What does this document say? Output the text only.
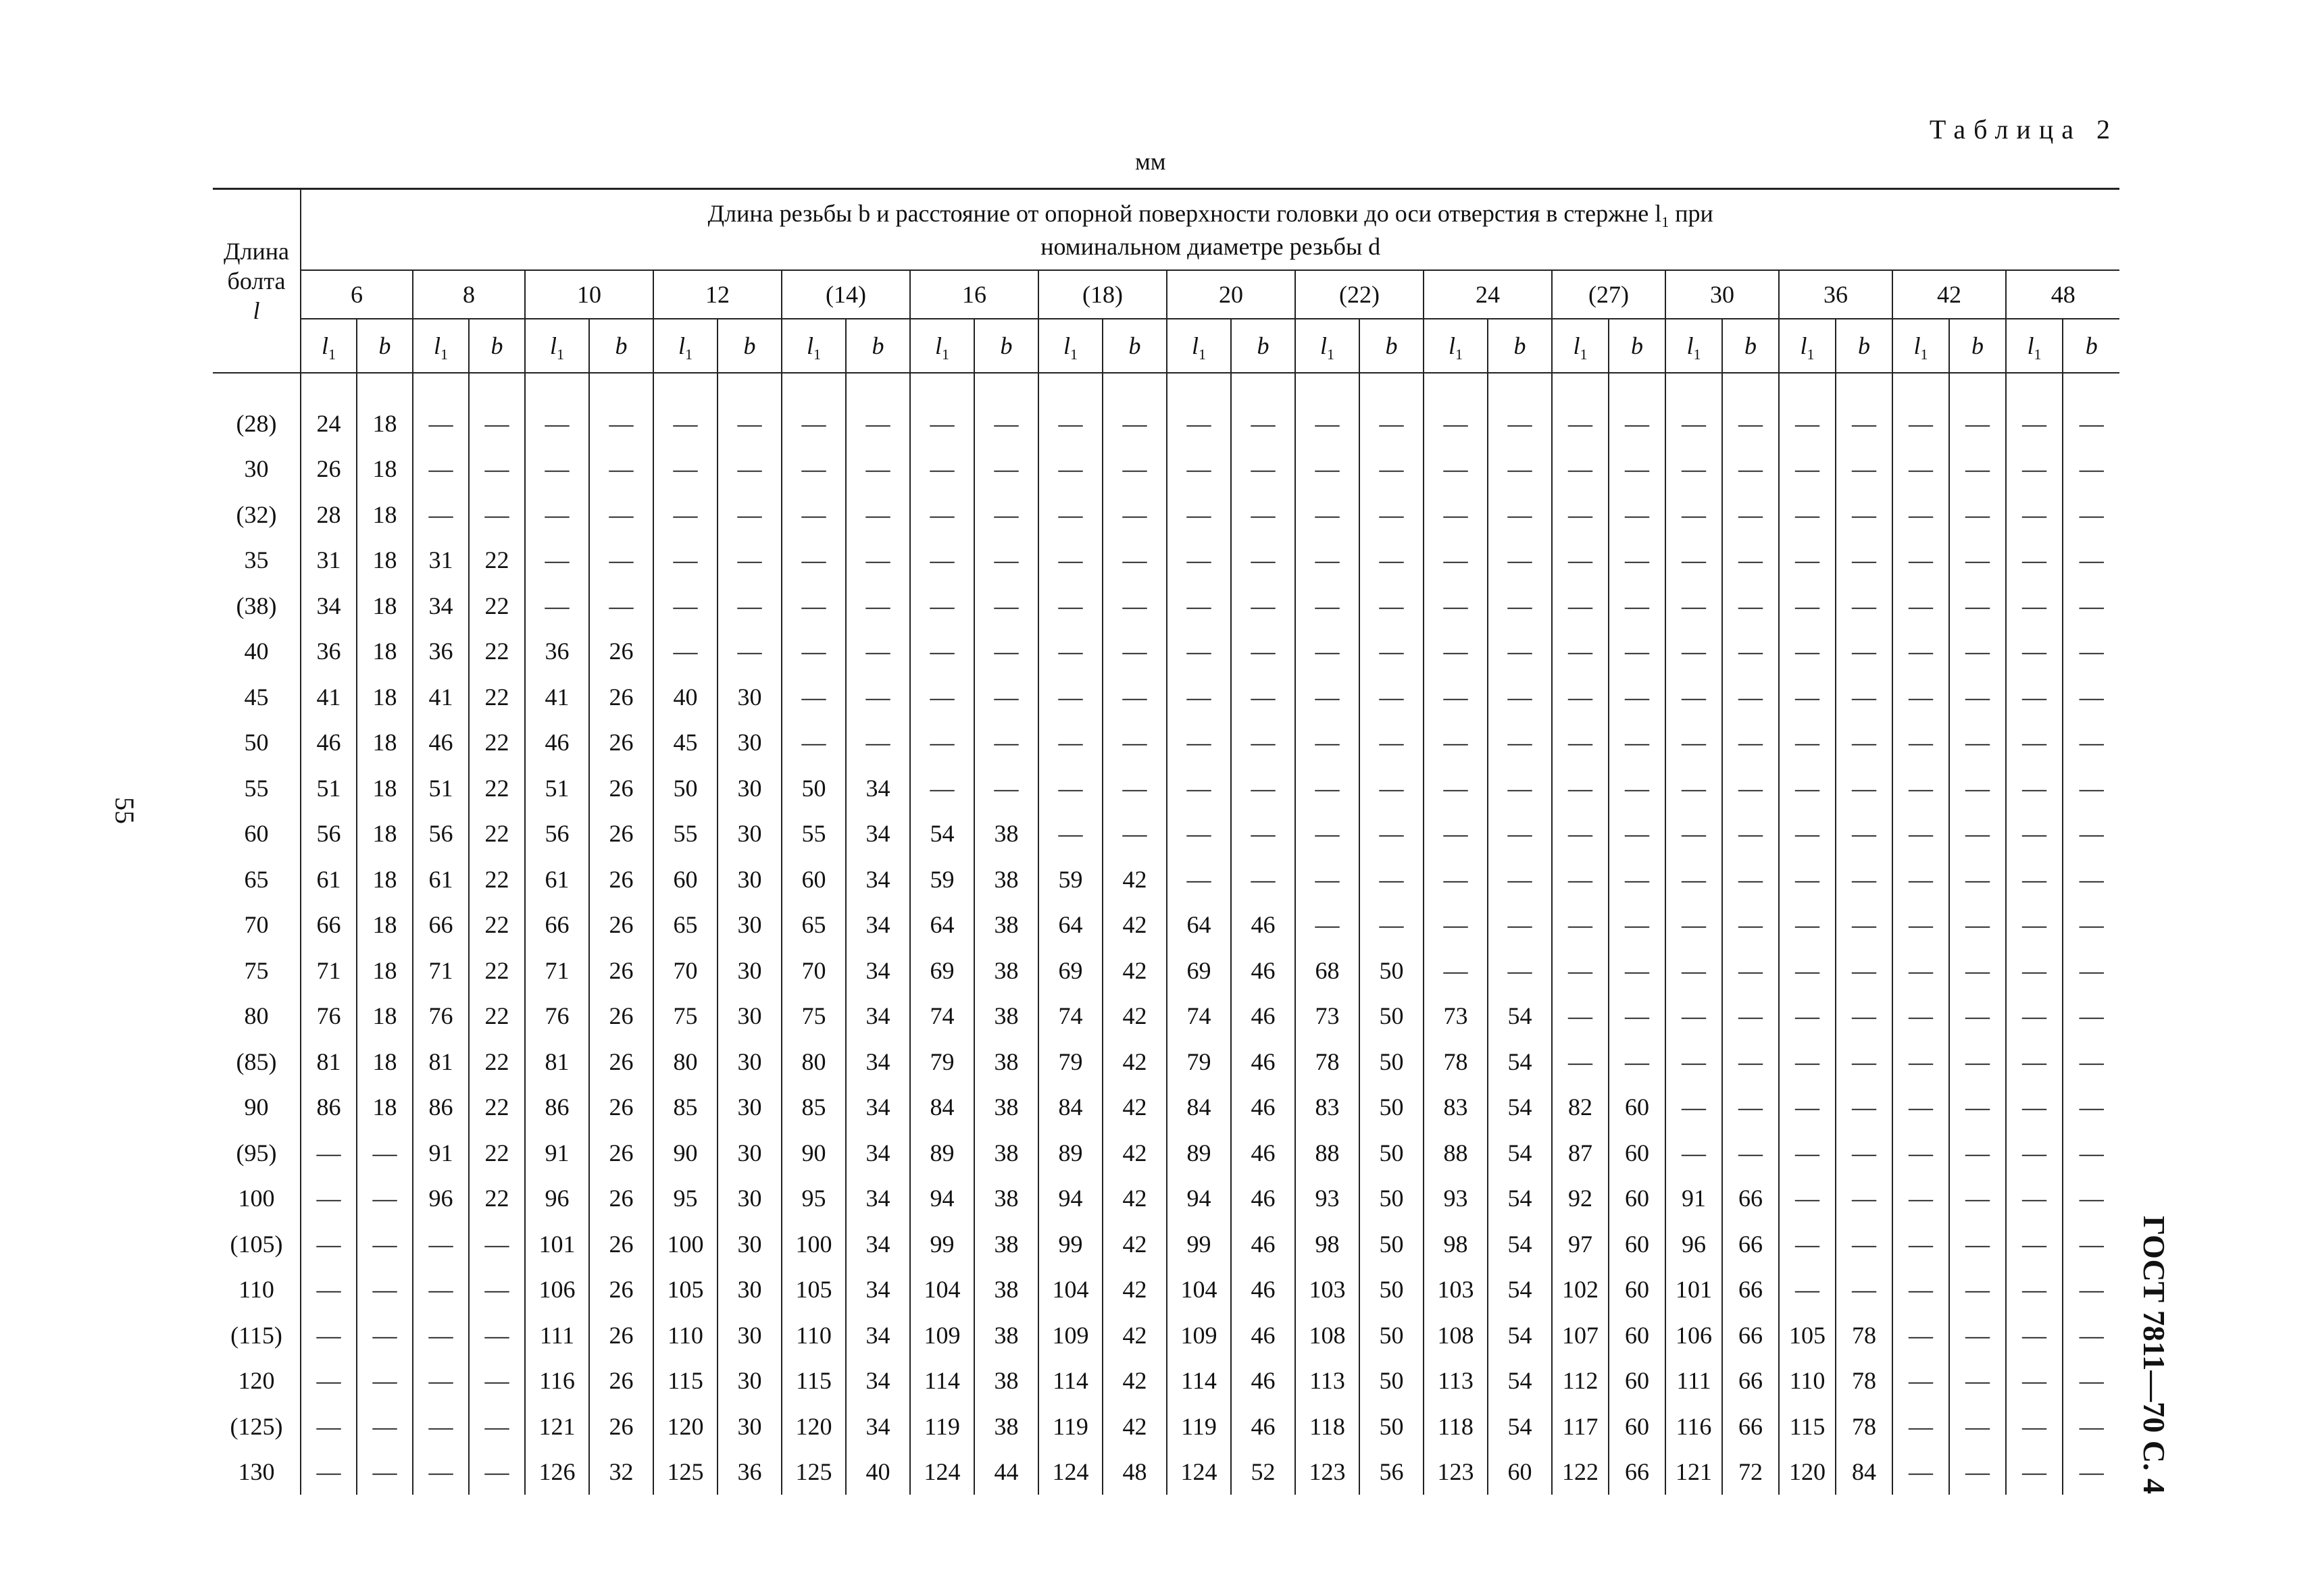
Таблица 2
мм
55
ГОСТ 7811—70 С. 4
Длина
болта
l	Длина резьбы b и расстояние от опорной поверхности головки до оси отверстия в стержне $l_1$ при
номинальном диаметре резьбы d																													
	6		8		10		12		(14)		16		(18)		20		(22)		24		(27)		30		36		42		48	
	$l_1$	b	$l_1$	b	$l_1$	b	$l_1$	b	$l_1$	b	$l_1$	b	$l_1$	b	$l_1$	b	$l_1$	b	$l_1$	b	$l_1$	b	$l_1$	b	$l_1$	b	$l_1$	b	$l_1$	b

(28)	24	18	—	—	—	—	—	—	—	—	—	—	—	—	—	—	—	—	—	—	—	—	—	—	—	—	—	—	—	—
30	26	18	—	—	—	—	—	—	—	—	—	—	—	—	—	—	—	—	—	—	—	—	—	—	—	—	—	—	—	—
(32)	28	18	—	—	—	—	—	—	—	—	—	—	—	—	—	—	—	—	—	—	—	—	—	—	—	—	—	—	—	—
35	31	18	31	22	—	—	—	—	—	—	—	—	—	—	—	—	—	—	—	—	—	—	—	—	—	—	—	—	—	—
(38)	34	18	34	22	—	—	—	—	—	—	—	—	—	—	—	—	—	—	—	—	—	—	—	—	—	—	—	—	—	—
40	36	18	36	22	36	26	—	—	—	—	—	—	—	—	—	—	—	—	—	—	—	—	—	—	—	—	—	—	—	—
45	41	18	41	22	41	26	40	30	—	—	—	—	—	—	—	—	—	—	—	—	—	—	—	—	—	—	—	—	—	—
50	46	18	46	22	46	26	45	30	—	—	—	—	—	—	—	—	—	—	—	—	—	—	—	—	—	—	—	—	—	—
55	51	18	51	22	51	26	50	30	50	34	—	—	—	—	—	—	—	—	—	—	—	—	—	—	—	—	—	—	—	—
60	56	18	56	22	56	26	55	30	55	34	54	38	—	—	—	—	—	—	—	—	—	—	—	—	—	—	—	—	—	—
65	61	18	61	22	61	26	60	30	60	34	59	38	59	42	—	—	—	—	—	—	—	—	—	—	—	—	—	—	—	—
70	66	18	66	22	66	26	65	30	65	34	64	38	64	42	64	46	—	—	—	—	—	—	—	—	—	—	—	—	—	—
75	71	18	71	22	71	26	70	30	70	34	69	38	69	42	69	46	68	50	—	—	—	—	—	—	—	—	—	—	—	—
80	76	18	76	22	76	26	75	30	75	34	74	38	74	42	74	46	73	50	73	54	—	—	—	—	—	—	—	—	—	—
(85)	81	18	81	22	81	26	80	30	80	34	79	38	79	42	79	46	78	50	78	54	—	—	—	—	—	—	—	—	—	—
90	86	18	86	22	86	26	85	30	85	34	84	38	84	42	84	46	83	50	83	54	82	60	—	—	—	—	—	—	—	—
(95)	—	—	91	22	91	26	90	30	90	34	89	38	89	42	89	46	88	50	88	54	87	60	—	—	—	—	—	—	—	—
100	—	—	96	22	96	26	95	30	95	34	94	38	94	42	94	46	93	50	93	54	92	60	91	66	—	—	—	—	—	—
(105)	—	—	—	—	101	26	100	30	100	34	99	38	99	42	99	46	98	50	98	54	97	60	96	66	—	—	—	—	—	—
110	—	—	—	—	106	26	105	30	105	34	104	38	104	42	104	46	103	50	103	54	102	60	101	66	—	—	—	—	—	—
(115)	—	—	—	—	111	26	110	30	110	34	109	38	109	42	109	46	108	50	108	54	107	60	106	66	105	78	—	—	—	—
120	—	—	—	—	116	26	115	30	115	34	114	38	114	42	114	46	113	50	113	54	112	60	111	66	110	78	—	—	—	—
(125)	—	—	—	—	121	26	120	30	120	34	119	38	119	42	119	46	118	50	118	54	117	60	116	66	115	78	—	—	—	—
130	—	—	—	—	126	32	125	36	125	40	124	44	124	48	124	52	123	56	123	60	122	66	121	72	120	84	—	—	—	—
